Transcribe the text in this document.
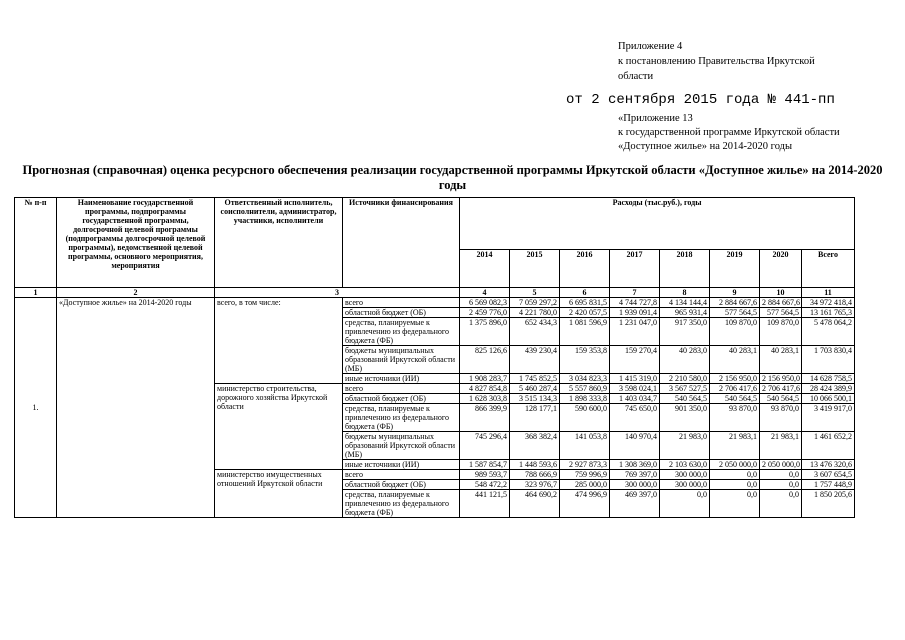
Приложение 4
к постановлению Правительства Иркутской
области
от 2 сентября 2015 года № 441-пп
«Приложение 13
к государственной программе Иркутской области
«Доступное жилье» на 2014-2020 годы
Прогнозная (справочная) оценка ресурсного обеспечения реализации государственной программы Иркутской области «Доступное жилье» на 2014-2020 годы
№ п-п	Наименование государственной программы, подпрограммы государственной программы, долгосрочной целевой программы (подпрограммы долгосрочной целевой программы), ведомственной целевой программы, основного мероприятия, мероприятия	Ответственный исполнитель, соисполнители, администратор, участники, исполнители	Источники финансирования	Расходы (тыс.руб.), годы							
				2014	2015	2016	2017	2018	2019	2020	Всего
1	2	3		4	5	6	7	8	9	10	11
1.	«Доступное жилье» на 2014-2020 годы	всего, в том числе:	всего	6 569 082,3	7 059 297,2	6 695 831,5	4 744 727,8	4 134 144,4	2 884 667,6	2 884 667,6	34 972 418,4
			областной бюджет (ОБ)	2 459 776,0	4 221 780,0	2 420 057,5	1 939 091,4	965 931,4	577 564,5	577 564,5	13 161 765,3
			средства, планируемые к привлечению из федерального бюджета (ФБ)	1 375 896,0	652 434,3	1 081 596,9	1 231 047,0	917 350,0	109 870,0	109 870,0	5 478 064,2
			бюджеты муниципальных образований Иркутской области (МБ)	825 126,6	439 230,4	159 353,8	159 270,4	40 283,0	40 283,1	40 283,1	1 703 830,4
			иные источники (ИИ)	1 908 283,7	1 745 852,5	3 034 823,3	1 415 319,0	2 210 580,0	2 156 950,0	2 156 950,0	14 628 758,5
		министерство строительства, дорожного хозяйства Иркутской области	всего	4 827 854,8	5 460 287,4	5 557 860,9	3 598 024,1	3 567 527,5	2 706 417,6	2 706 417,6	28 424 389,9
			областной бюджет (ОБ)	1 628 303,8	3 515 134,3	1 898 333,8	1 403 034,7	540 564,5	540 564,5	540 564,5	10 066 500,1
			средства, планируемые к привлечению из федерального бюджета (ФБ)	866 399,9	128 177,1	590 600,0	745 650,0	901 350,0	93 870,0	93 870,0	3 419 917,0
			бюджеты муниципальных образований Иркутской области (МБ)	745 296,4	368 382,4	141 053,8	140 970,4	21 983,0	21 983,1	21 983,1	1 461 652,2
			иные источники (ИИ)	1 587 854,7	1 448 593,6	2 927 873,3	1 308 369,0	2 103 630,0	2 050 000,0	2 050 000,0	13 476 320,6
		министерство имущественных отношений Иркутской области	всего	989 593,7	788 666,9	759 996,9	769 397,0	300 000,0	0,0	0,0	3 607 654,5
			областной бюджет (ОБ)	548 472,2	323 976,7	285 000,0	300 000,0	300 000,0	0,0	0,0	1 757 448,9
			средства, планируемые к привлечению из федерального бюджета (ФБ)	441 121,5	464 690,2	474 996,9	469 397,0	0,0	0,0	0,0	1 850 205,6
